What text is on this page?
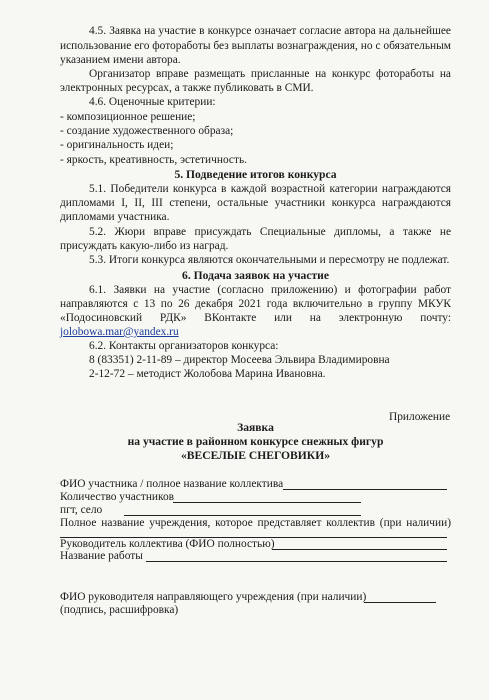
4.5. Заявка на участие в конкурсе означает согласие автора на дальнейшее
использование его фотоработы без выплаты вознаграждения, но с обязательным
указанием имени автора.
Организатор вправе размещать присланные на конкурс фотоработы на
электронных ресурсах, а также публиковать в СМИ.
4.6. Оценочные критерии:
- композиционное решение;
- создание художественного образа;
- оригинальность идеи;
- яркость, креативность, эстетичность.
5. Подведение итогов конкурса
5.1. Победители конкурса в каждой возрастной категории награждаются
дипломами I, II, III степени, остальные участники конкурса награждаются
дипломами участника.
5.2. Жюри вправе присуждать Специальные дипломы, а также не
присуждать какую-либо из наград.
5.3. Итоги конкурса являются окончательными и пересмотру не подлежат.
6. Подача заявок на участие
6.1. Заявки на участие (согласно приложению) и фотографии работ
направляются с 13 по 26 декабря 2021 года включительно в группу МКУК
«Подосиновский РДК» ВКонтакте или на электронную почту:
jolobowa.mar@yandex.ru
6.2. Контакты организаторов конкурса:
8 (83351) 2-11-89 – директор Мосеева Эльвира Владимировна
2-12-72 – методист Жолобова Марина Ивановна.
Приложение
Заявка
на участие в районном конкурсе снежных фигур
«ВЕСЕЛЫЕ СНЕГОВИКИ»
ФИО участника / полное название коллектива
Количество участников
пгт, село
Полное название учреждения, которое представляет коллектив (при наличии)
Руководитель коллектива (ФИО полностью)
Название работы
ФИО руководителя направляющего учреждения (при наличии)
(подпись, расшифровка)
